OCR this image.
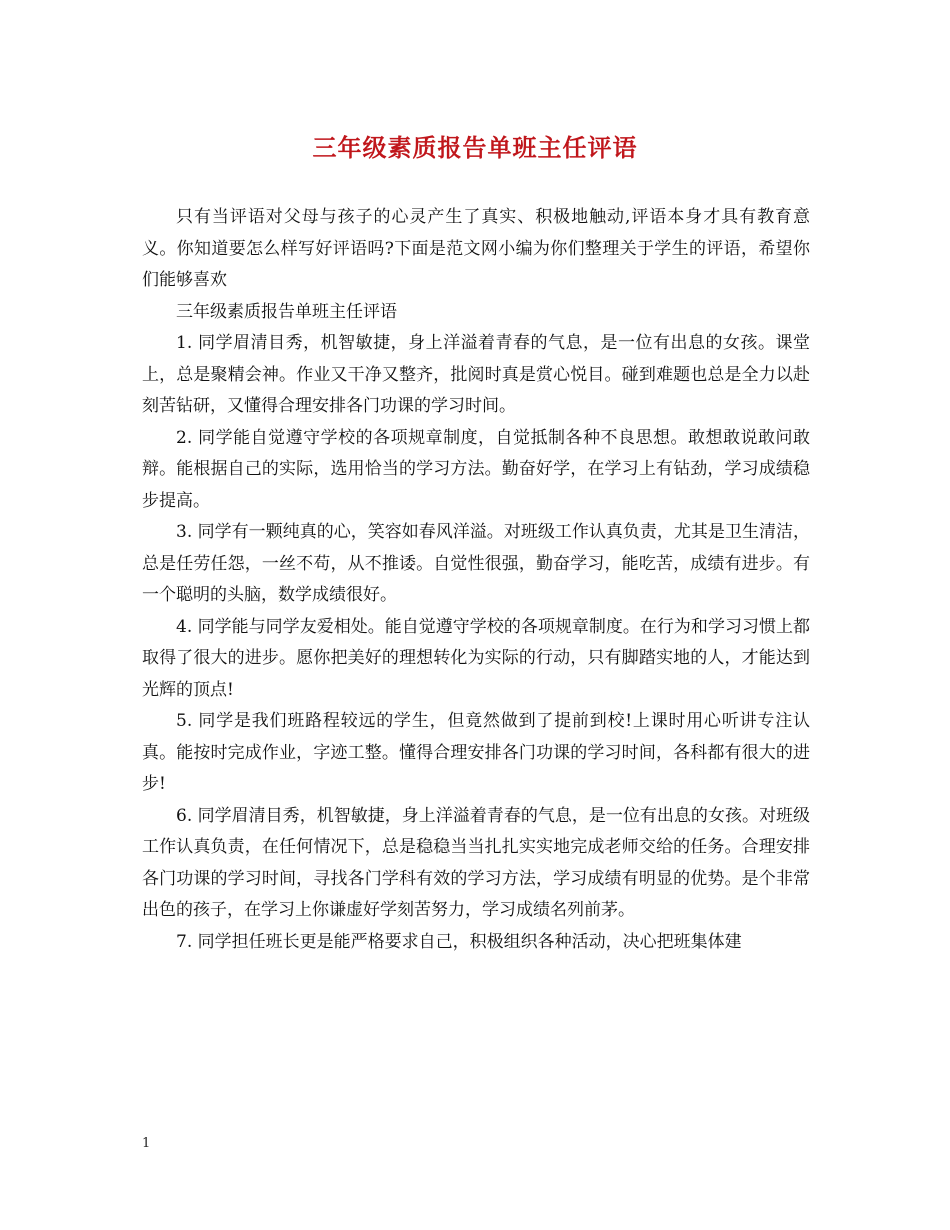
三年级素质报告单班主任评语

只有当评语对父母与孩子的心灵产生了真实、积极地触动,评语本身才具有教育意义。你知道要怎么样写好评语吗?下面是范文网小编为你们整理关于学生的评语，希望你们能够喜欢

三年级素质报告单班主任评语

1. 同学眉清目秀，机智敏捷，身上洋溢着青春的气息，是一位有出息的女孩。课堂上，总是聚精会神。作业又干净又整齐，批阅时真是赏心悦目。碰到难题也总是全力以赴刻苦钻研，又懂得合理安排各门功课的学习时间。

2. 同学能自觉遵守学校的各项规章制度，自觉抵制各种不良思想。敢想敢说敢问敢辩。能根据自己的实际，选用恰当的学习方法。勤奋好学，在学习上有钻劲，学习成绩稳步提高。

3. 同学有一颗纯真的心，笑容如春风洋溢。对班级工作认真负责，尤其是卫生清洁，总是任劳任怨，一丝不苟，从不推诿。自觉性很强，勤奋学习，能吃苦，成绩有进步。有一个聪明的头脑，数学成绩很好。

4. 同学能与同学友爱相处。能自觉遵守学校的各项规章制度。在行为和学习习惯上都取得了很大的进步。愿你把美好的理想转化为实际的行动，只有脚踏实地的人，才能达到光辉的顶点!

5. 同学是我们班路程较远的学生，但竟然做到了提前到校!上课时用心听讲专注认真。能按时完成作业，字迹工整。懂得合理安排各门功课的学习时间，各科都有很大的进步!

6. 同学眉清目秀，机智敏捷，身上洋溢着青春的气息，是一位有出息的女孩。对班级工作认真负责，在任何情况下，总是稳稳当当扎扎实实地完成老师交给的任务。合理安排各门功课的学习时间，寻找各门学科有效的学习方法，学习成绩有明显的优势。是个非常出色的孩子，在学习上你谦虚好学刻苦努力，学习成绩名列前茅。

7. 同学担任班长更是能严格要求自己，积极组织各种活动，决心把班集体建

1
